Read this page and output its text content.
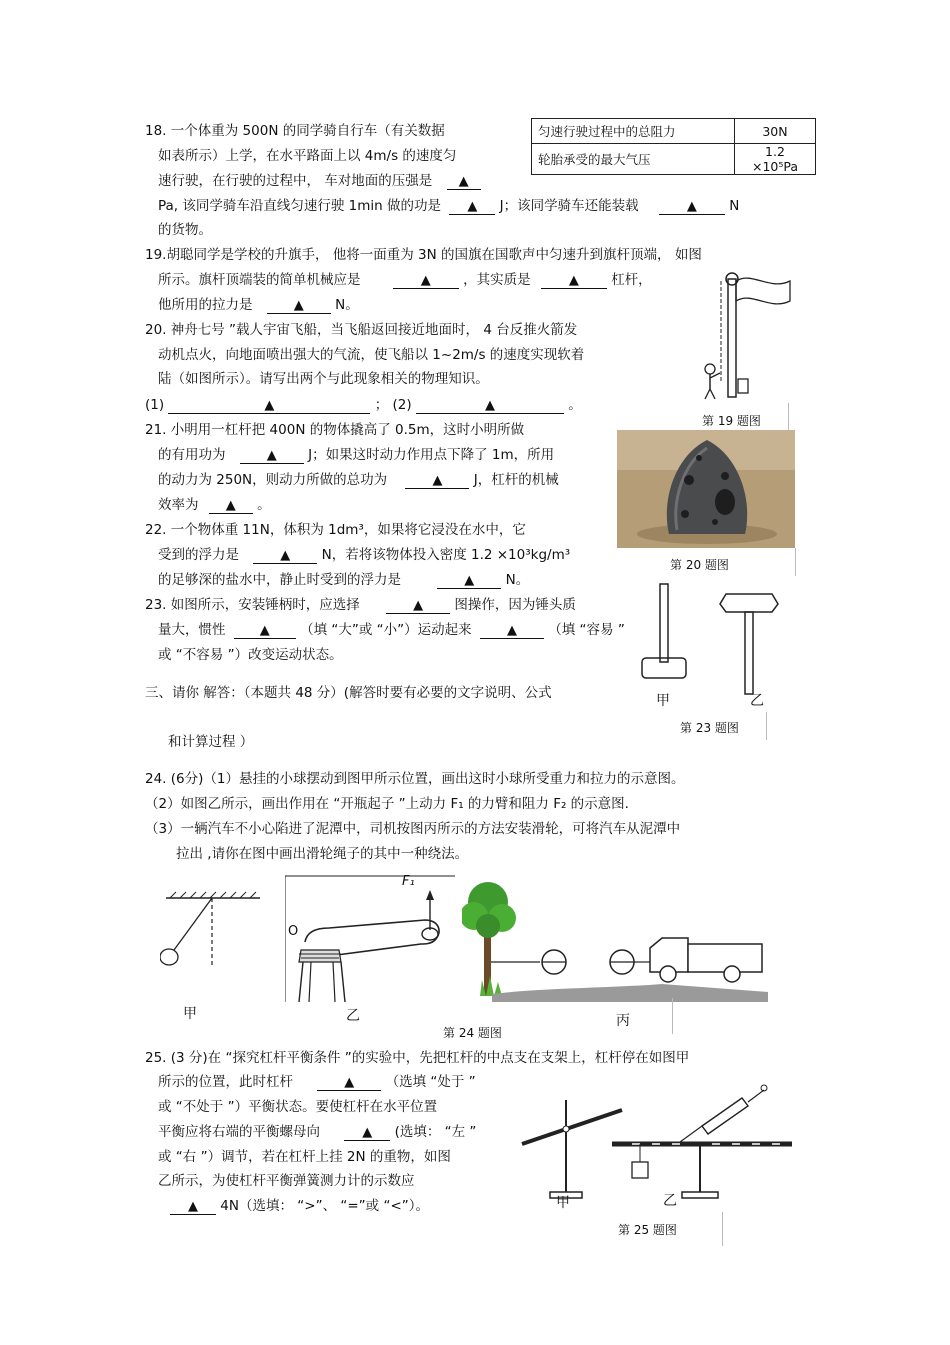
18. 一个体重为 500N 的同学骑自行车（有关数据
如表所示）上学，在水平路面上以 4m/s 的速度匀
速行驶，在行驶的过程中， 车对地面的压强是 ▲
匀速行驶过程中的总阻力	30N
轮胎承受的最大气压	1.2 ×10⁵Pa
Pa, 该同学骑车沿直线匀速行驶 1min 做的功是 ▲ J；该同学骑车还能装载	▲ N
的货物。
19.胡聪同学是学校的升旗手， 他将一面重为 3N 的国旗在国歌声中匀速升到旗杆顶端， 如图
所示。旗杆顶端装的简单机械应是	▲ ，其实质是	▲ 杠杆，
他所用的拉力是	▲ N。
20. 神舟七号 ”载人宇宙飞船，当飞船返回接近地面时， 4 台反推火箭发
动机点火，向地面喷出强大的气流，使飞船以 1~2m/s 的速度实现软着
陆（如图所示）。请写出两个与此现象相关的物理知识。
(1)	▲	； (2)	▲	。
21. 小明用一杠杆把 400N 的物体撬高了 0.5m，这时小明所做
的有用功为	▲ J；如果这时动力作用点下降了 1m，所用
的动力为 250N，则动力所做的总功为	▲ J，杠杆的机械
效率为 ▲ 。
22. 一个物体重 11N，体积为 1dm³，如果将它浸没在水中，它
受到的浮力是	▲ N，若将该物体投入密度 1.2 ×10³kg/m³
的足够深的盐水中，静止时受到的浮力是	▲ N。
23. 如图所示，安装锤柄时，应选择	▲ 图操作，因为锤头质
量大，惯性	▲ （填 “大”或 “小”）运动起来	▲ （填 “容易 ”
或 “不容易 ”）改变运动状态。
三、请你 解答：（本题共 48 分）(解答时要有必要的文字说明、公式
和计算过程 ）
24. (6分)（1）悬挂的小球摆动到图甲所示位置，画出这时小球所受重力和拉力的示意图。
（2）如图乙所示，画出作用在 “开瓶起子 ”上动力 F₁ 的力臂和阻力 F₂ 的示意图.
（3）一辆汽车不小心陷进了泥潭中，司机按图丙所示的方法安装滑轮，可将汽车从泥潭中
拉出 ,请你在图中画出滑轮绳子的其中一种绕法。
25. (3 分)在 “探究杠杆平衡条件 ”的实验中，先把杠杆的中点支在支架上，杠杆停在如图甲
所示的位置，此时杠杆	▲ （选填 “处于 ”
或 “不处于 ”）平衡状态。要使杠杆在水平位置
平衡应将右端的平衡螺母向	▲ (选填： “左 ”
或 “右 ”）调节，若在杠杆上挂 2N 的重物，如图
乙所示，为使杠杆平衡弹簧测力计的示数应
▲ 4N（选填： “>”、 “=”或 “<”）。
第 19 题图
第 20 题图
甲	乙
第 23 题图
甲
F₁
O
乙	丙
第 24 题图
甲	乙
第 25 题图
